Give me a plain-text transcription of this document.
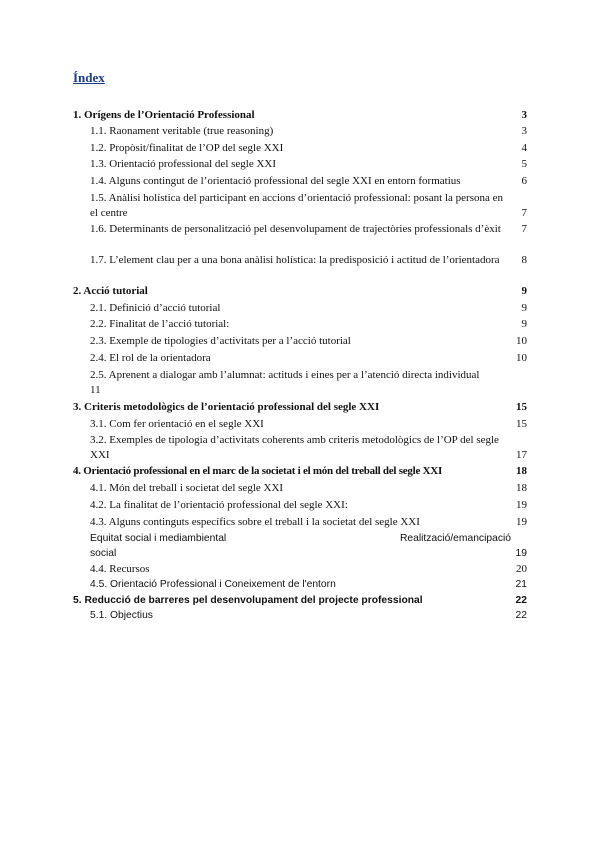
Índex
1. Orígens de l’Orientació Professional	3
1.1. Raonament veritable (true reasoning)	3
1.2. Propòsit/finalitat de l’OP del segle XXI	4
1.3. Orientació professional del segle XXI	5
1.4. Alguns contingut de l’orientació professional del segle XXI en entorn formatius	6
1.5. Anàlisi holística del participant en accions d’orientació professional: posant la persona en el centre	7
1.6. Determinants de personalització pel desenvolupament de trajectòries professionals d’èxit	7
1.7. L’element clau per a una bona anàlisi holística: la predisposició i actitud de l’orientadora	8
2. Acció tutorial	9
2.1. Definició d’acció tutorial	9
2.2. Finalitat de l’acció tutorial:	9
2.3. Exemple de tipologies d’activitats per a l’acció tutorial	10
2.4. El rol de la orientadora	10
2.5. Aprenent a dialogar amb l’alumnat: actituds i eines per a l’atenció directa individual
11
3. Criteris metodològics de l’orientació professional del segle XXI	15
3.1. Com fer orientació en el segle XXI	15
3.2. Exemples de tipologia d’activitats coherents amb criteris metodològics de l’OP del segle XXI	17
4. Orientació professional en el marc de la societat i el món del treball del segle XXI	18
4.1. Món del treball i societat del segle XXI	18
4.2. La finalitat de l’orientació professional del segle XXI:	19
4.3. Alguns continguts específics sobre el treball i la societat del segle XXI	19
Equitat social i mediambiental	Realització/emancipació
social	19
4.4. Recursos	20
4.5. Orientació Professional i Coneixement de l'entorn	21
5. Reducció de barreres pel desenvolupament del projecte professional	22
5.1. Objectius	22
